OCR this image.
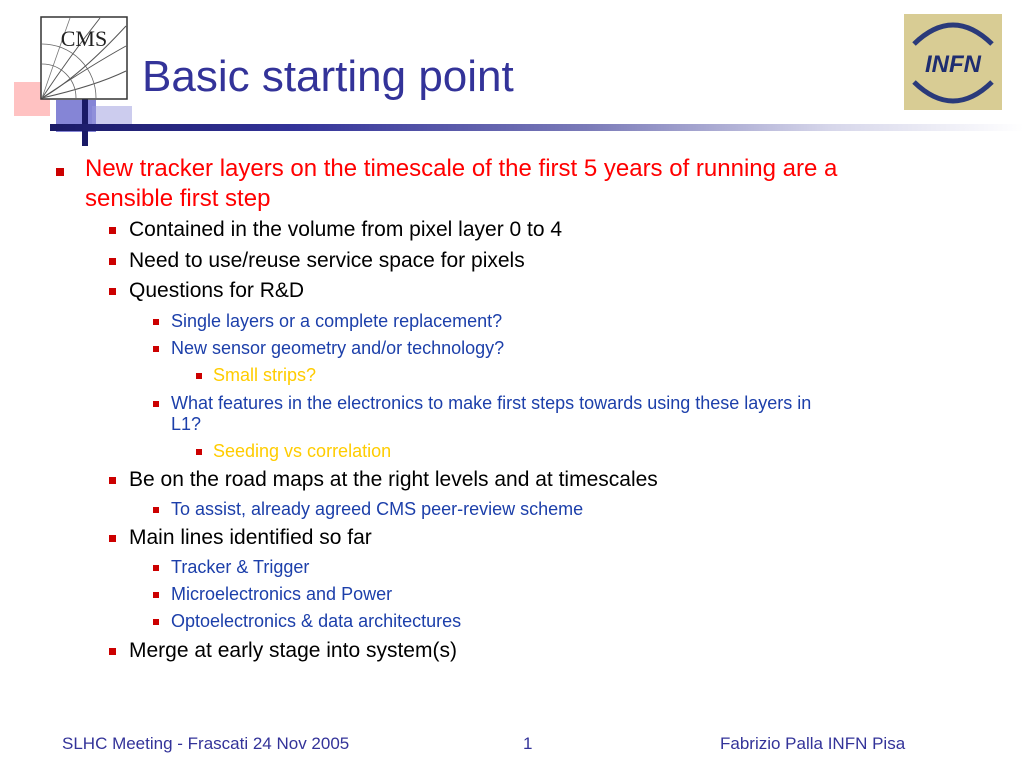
CMS
Basic starting point	INFN
New tracker layers on the timescale of the first 5 years of running are a
sensible first step
Contained in the volume from pixel layer 0 to 4
Need to use/reuse service space for pixels
Questions for R&D
Single layers or a complete replacement?
New sensor geometry and/or technology?
Small strips?
What features in the electronics to make first steps towards using these layers in
L1?
Seeding vs correlation
Be on the road maps at the right levels and at timescales
To assist, already agreed CMS peer-review scheme
Main lines identified so far
Tracker & Trigger
Microelectronics and Power
Optoelectronics & data architectures
Merge at early stage into system(s)
SLHC Meeting - Frascati 24 Nov 2005	1	Fabrizio Palla INFN Pisa
